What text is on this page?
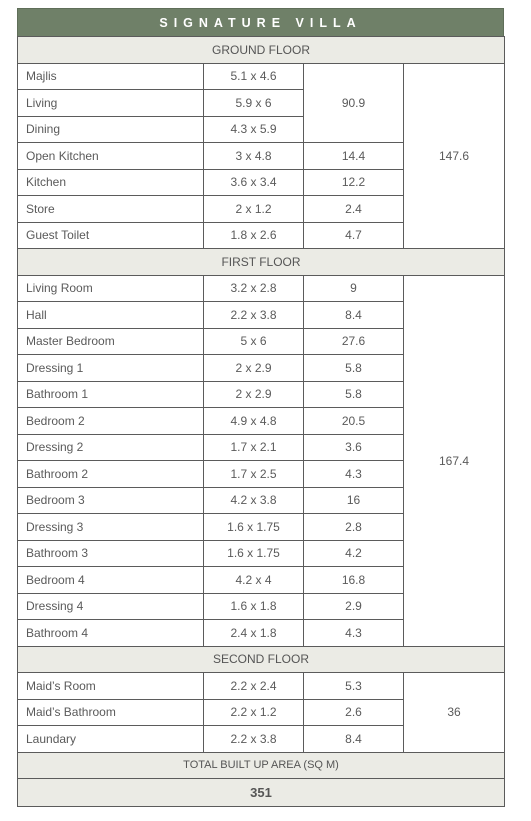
SIGNATURE VILLA
GROUND FLOOR			
Majlis	5.1 x 4.6	90.9	147.6
Living	5.9 x 6		
Dining	4.3 x 5.9		
Open Kitchen	3 x 4.8	14.4	
Kitchen	3.6 x 3.4	12.2	
Store	2 x 1.2	2.4	
Guest Toilet	1.8 x 2.6	4.7	
FIRST FLOOR			
Living Room	3.2 x 2.8	9	167.4
Hall	2.2 x 3.8	8.4	
Master Bedroom	5 x 6	27.6	
Dressing 1	2 x 2.9	5.8	
Bathroom 1	2 x 2.9	5.8	
Bedroom 2	4.9 x 4.8	20.5	
Dressing 2	1.7 x 2.1	3.6	
Bathroom 2	1.7 x 2.5	4.3	
Bedroom 3	4.2 x 3.8	16	
Dressing 3	1.6 x 1.75	2.8	
Bathroom 3	1.6 x 1.75	4.2	
Bedroom 4	4.2 x 4	16.8	
Dressing 4	1.6 x 1.8	2.9	
Bathroom 4	2.4 x 1.8	4.3	
SECOND FLOOR			
Maid’s Room	2.2 x 2.4	5.3	36
Maid’s Bathroom	2.2 x 1.2	2.6	
Laundary	2.2 x 3.8	8.4	
TOTAL BUILT UP AREA (SQ M)			
351			
